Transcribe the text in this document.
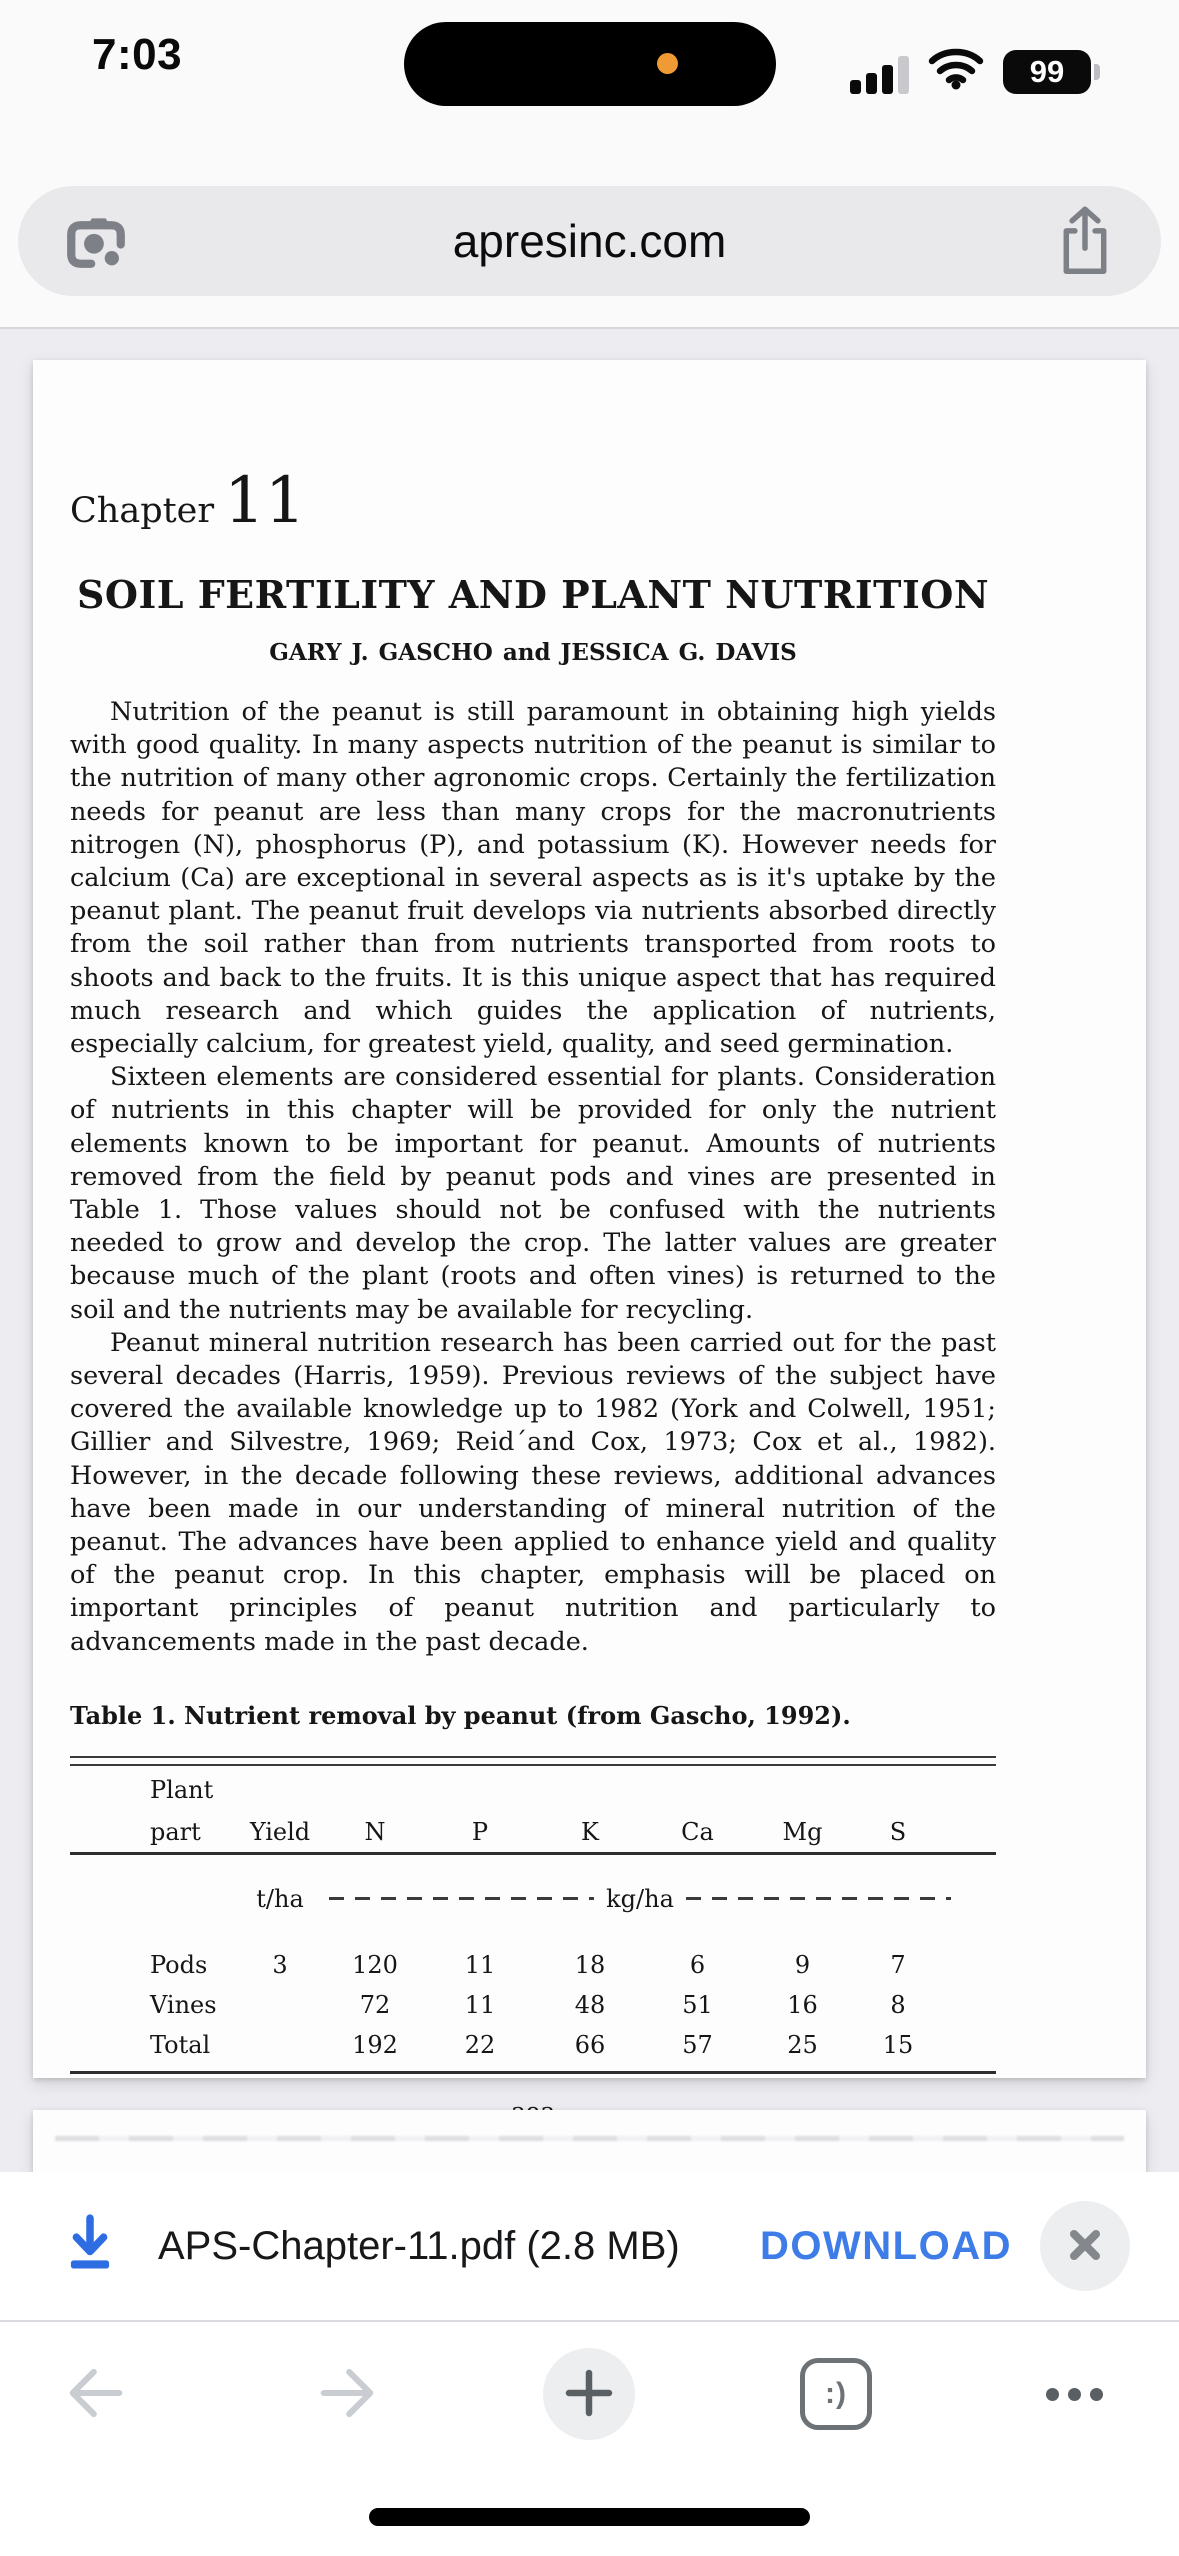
7:03	99
apresinc.com
Chapter 11
SOIL FERTILITY AND PLANT NUTRITION
GARY J. GASCHO and JESSICA G. DAVIS

Nutrition of the peanut is still paramount in obtaining high yields with good quality. In many aspects nutrition of the peanut is similar to the nutrition of many other agronomic crops. Certainly the fertilization needs for peanut are less than many crops for the macronutrients nitrogen (N), phosphorus (P), and potassium (K). However needs for calcium (Ca) are exceptional in several aspects as is it's uptake by the peanut plant. The peanut fruit develops via nutrients absorbed directly from the soil rather than from nutrients transported from roots to shoots and back to the fruits. It is this unique aspect that has required much research and which guides the application of nutrients, especially calcium, for greatest yield, quality, and seed germination.

Sixteen elements are considered essential for plants. Consideration of nutrients in this chapter will be provided for only the nutrient elements known to be important for peanut. Amounts of nutrients removed from the field by peanut pods and vines are presented in Table 1. Those values should not be confused with the nutrients needed to grow and develop the crop. The latter values are greater because much of the plant (roots and often vines) is returned to the soil and the nutrients may be available for recycling.

Peanut mineral nutrition research has been carried out for the past several decades (Harris, 1959). Previous reviews of the subject have covered the available knowledge up to 1982 (York and Colwell, 1951; Gillier and Silvestre, 1969; Reid´and Cox, 1973; Cox et al., 1982). However, in the decade following these reviews, additional advances have been made in our understanding of mineral nutrition of the peanut. The advances have been applied to enhance yield and quality of the peanut crop. In this chapter, emphasis will be placed on important principles of peanut nutrition and particularly to advancements made in the past decade.

Table 1. Nutrient removal by peanut (from Gascho, 1992).
Plant							
part	Yield	N	P	K	Ca	Mg	S
	t/ha	kg/ha					

Pods	3	120	11	18	6	9	7
Vines		72	11	48	51	16	8
Total		192	22	66	57	25	15
APS-Chapter-11.pdf (2.8 MB) DOWNLOAD
:)
